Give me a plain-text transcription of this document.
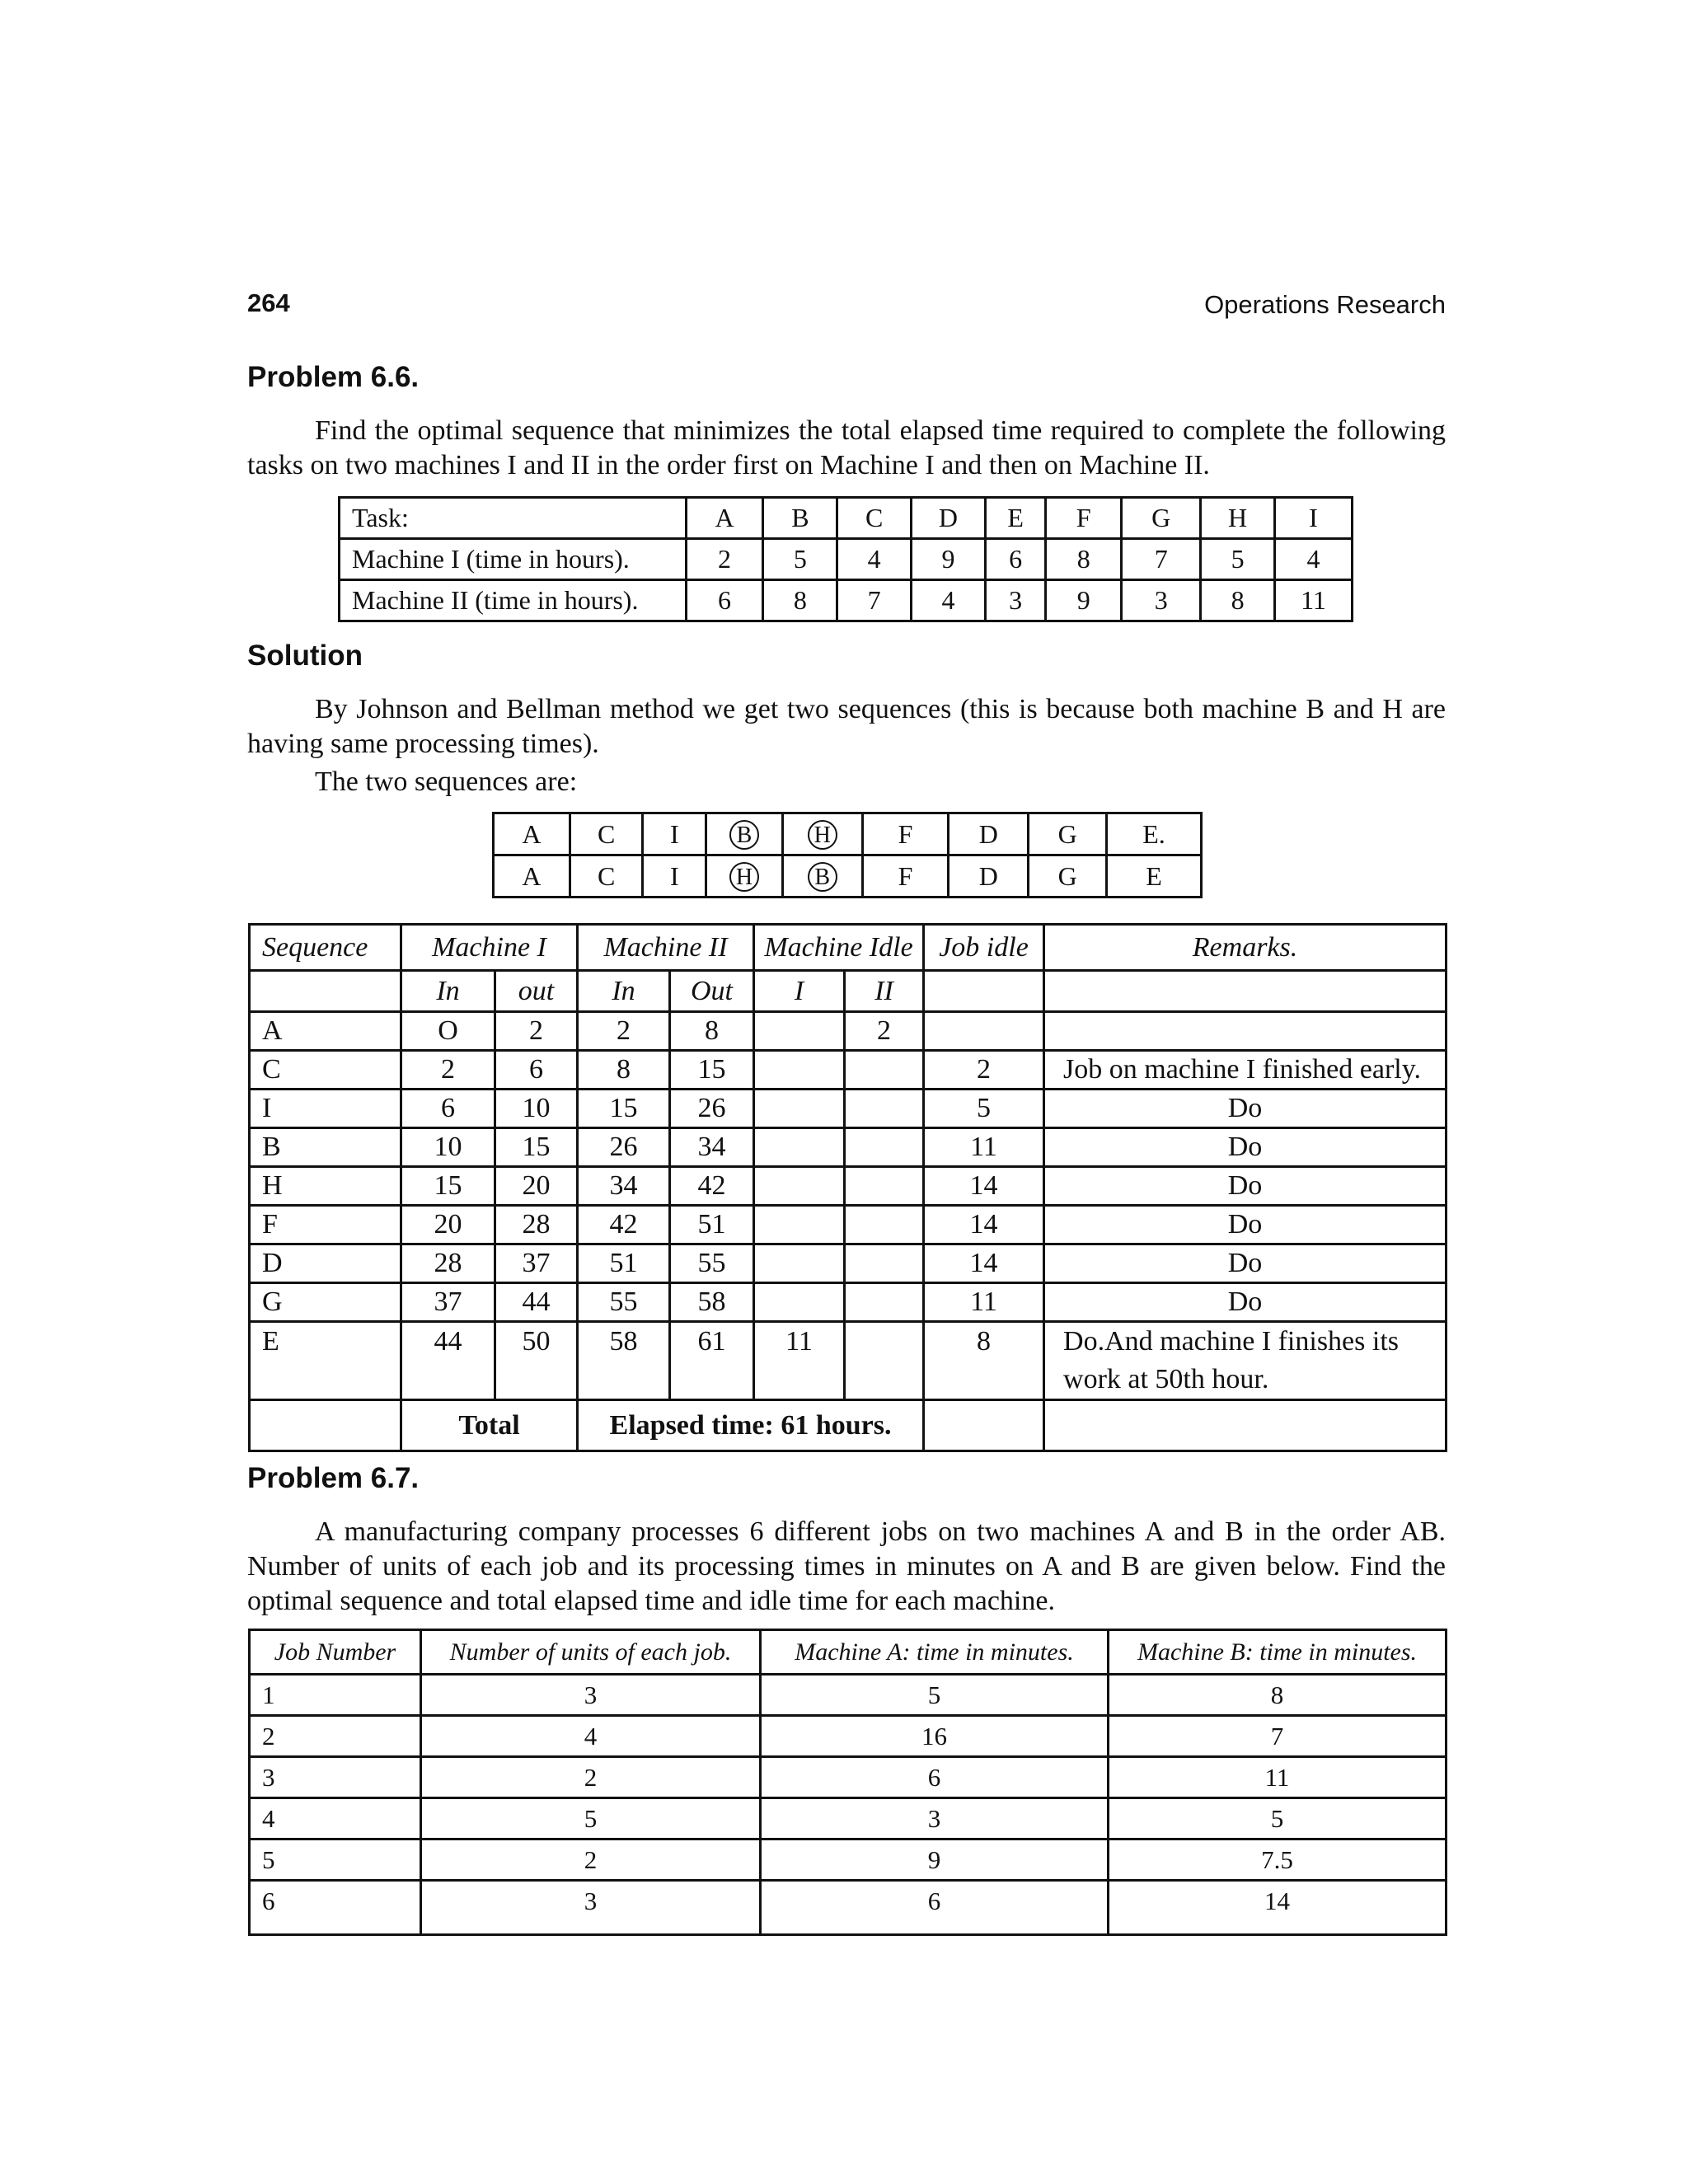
264	Operations Research
Problem 6.6.
Find the optimal sequence that minimizes the total elapsed time required to complete the following tasks on two machines I and II in the order first on Machine I and then on Machine II.
Task:	A	B	C	D	E	F	G	H	I
Machine I (time in hours).	2	5	4	9	6	8	7	5	4
Machine II (time in hours).	6	8	7	4	3	9	3	8	11
Solution
By Johnson and Bellman method we get two sequences (this is because both machine B and H are having same processing times).
The two sequences are:
A	C	I	B	H	F	D	G	E.
A	C	I	H	B	F	D	G	E
Sequence	Machine I		Machine II		Machine Idle		Job idle	Remarks.
	In	out	In	Out	I	II		
A	O	2	2	8		2		
C	2	6	8	15			2	Job on machine I finished early.
I	6	10	15	26			5	Do
B	10	15	26	34			11	Do
H	15	20	34	42			14	Do
F	20	28	42	51			14	Do
D	28	37	51	55			14	Do
G	37	44	55	58			11	Do
E	44	50	58	61	11		8	Do.And machine I finishes its
work at 50th hour.

	Total		Elapsed time: 61 hours.					
Problem 6.7.
A manufacturing company processes 6 different jobs on two machines A and B in the order AB. Number of units of each job and its processing times in minutes on A and B are given below. Find the optimal sequence and total elapsed time and idle time for each machine.
Job Number	Number of units of each job.	Machine A: time in minutes.	Machine B: time in minutes.
1	3	5	8
2	4	16	7
3	2	6	11
4	5	3	5
5	2	9	7.5
6	3	6	14
